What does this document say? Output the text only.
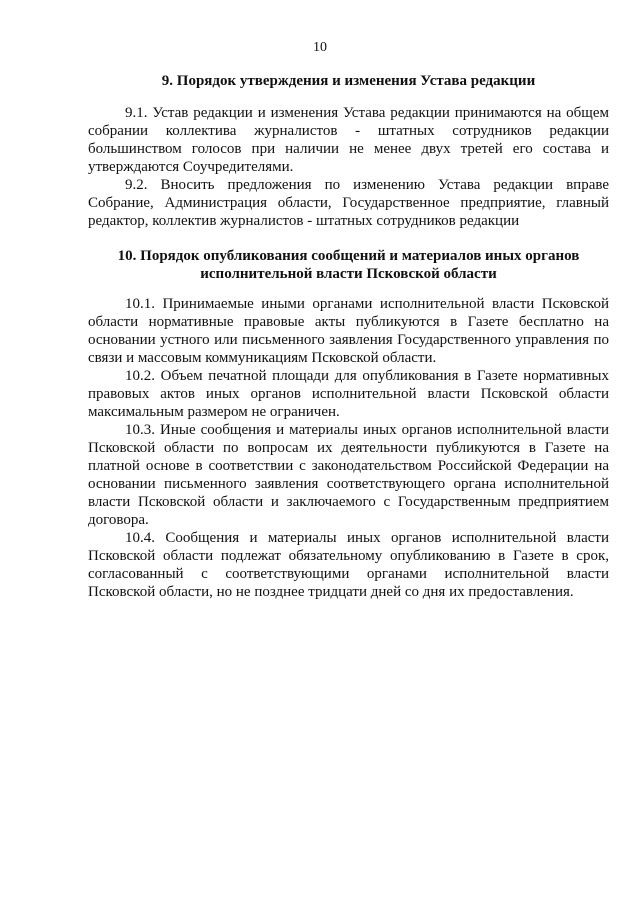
10
9. Порядок утверждения и изменения Устава редакции

9.1. Устав редакции и изменения Устава редакции принимаются на общем собрании коллектива журналистов - штатных сотрудников редакции большинством голосов при наличии не менее двух третей его состава и утверждаются Соучредителями.

9.2. Вносить предложения по изменению Устава редакции вправе Собрание, Администрация области, Государственное предприятие, главный редактор, коллектив журналистов - штатных сотрудников редакции

10. Порядок опубликования сообщений и материалов иных органов исполнительной власти Псковской области

10.1. Принимаемые иными органами исполнительной власти Псковской области нормативные правовые акты публикуются в Газете бесплатно на основании устного или письменного заявления Государственного управления по связи и массовым коммуникациям Псковской области.

10.2. Объем печатной площади для опубликования в Газете нормативных правовых актов иных органов исполнительной власти Псковской области максимальным размером не ограничен.

10.3. Иные сообщения и материалы иных органов исполнительной власти Псковской области по вопросам их деятельности публикуются в Газете на платной основе в соответствии с законодательством Российской Федерации на основании письменного заявления соответствующего органа исполнительной власти Псковской области и заключаемого с Государственным предприятием договора.

10.4. Сообщения и материалы иных органов исполнительной власти Псковской области подлежат обязательному опубликованию в Газете в срок, согласованный с соответствующими органами исполнительной власти Псковской области, но не позднее тридцати дней со дня их предоставления.
